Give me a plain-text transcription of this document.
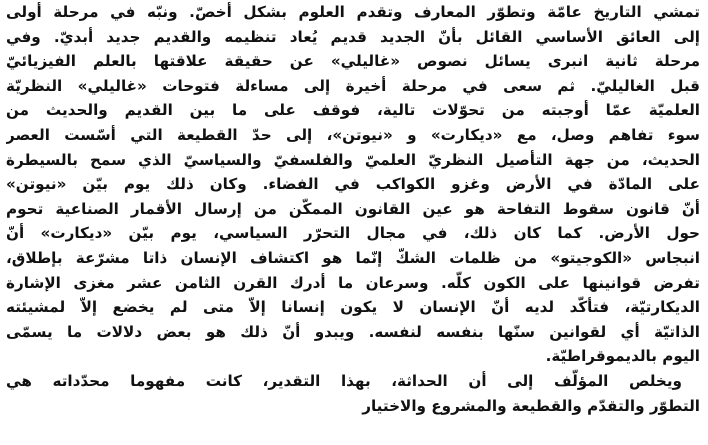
تمشي التاريخ عامّة وتطوّر المعارف وتقدم العلوم بشكل أخصّ. ونبّه في مرحلة أولى
إلى العائق الأساسي القائل بأنّ الجديد قديم يُعاد تنظيمه والقديم جديد أبديّ. وفي
مرحلة ثانية انبرى يسائل نصوص «غاليلي» عن حقيقة علاقتها بالعلم الفيزيائيّ
قبل الغاليليّ. ثم سعى في مرحلة أخيرة إلى مساءلة فتوحات «غاليلي» النظريّة
العلميّة عمّا أوجبته من تحوّلات تالية، فوقف على ما بين القديم والحديث من
سوء تفاهم وصل، مع «ديكارت» و «نيوتن»، إلى حدّ القطيعة التي أسّست العصر
الحديث، من جهة التأصيل النظريّ العلميّ والفلسفيّ والسياسيّ الذي سمح بالسيطرة
على المادّة في الأرض وغزو الكواكب في الفضاء. وكان ذلك يوم بيّن «نيوتن»
أنّ قانون سقوط التفاحة هو عين القانون الممكّن من إرسال الأقمار الصناعية تحوم
حول الأرض. كما كان ذلك، في مجال التحرّر السياسي، يوم بيّن «ديكارت» أنّ
انبجاس «الكوجيتو» من ظلمات الشكّ إنّما هو اكتشاف الإنسان ذاتا مشرّعة بإطلاق،
تفرض قوانينها على الكون كلّه. وسرعان ما أدرك القرن الثامن عشر مغزى الإشارة
الديكارتيّة، فتأكّد لديه أنّ الإنسان لا يكون إنسانا إلاّ متى لم يخضع إلاّ لمشيئته
الذاتيّة أي لقوانين سنّها بنفسه لنفسه. ويبدو أنّ ذلك هو بعض دلالات ما يسمّى
اليوم بالديموقراطيّة.
ويخلص المؤلّف إلى أن الحداثة، بهذا التقدير، كانت مفهوما محدّداته هي
التطوّر والتقدّم والقطيعة والمشروع والاختيار
